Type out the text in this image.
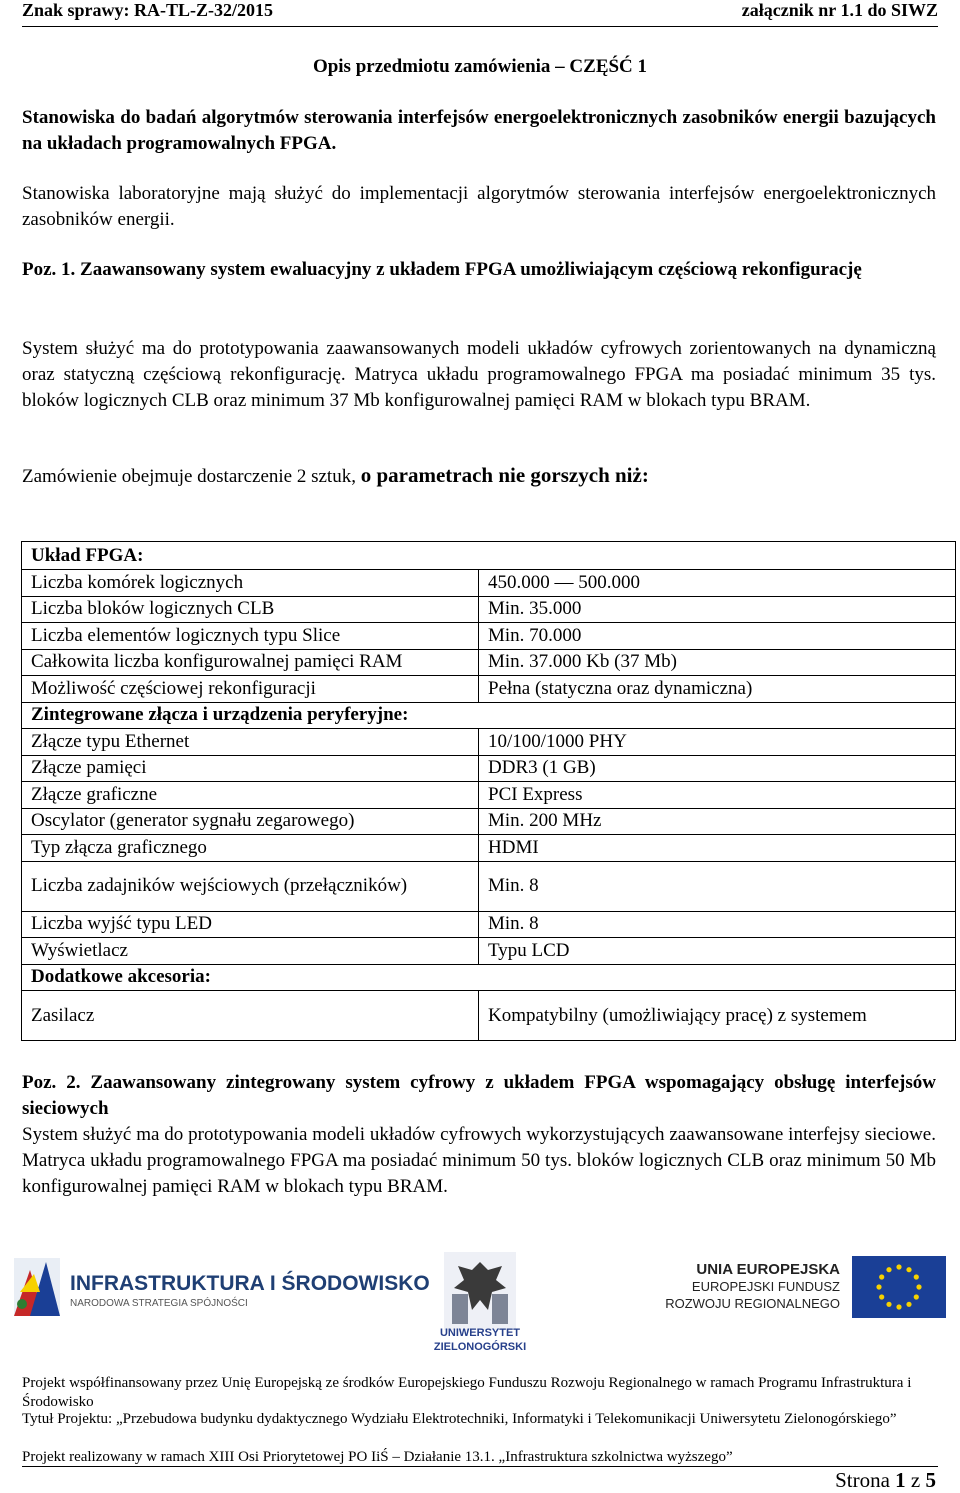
Znak sprawy: RA-TL-Z-32/2015	załącznik nr 1.1 do SIWZ
Opis przedmiotu zamówienia – CZĘŚĆ 1
Stanowiska do badań algorytmów sterowania interfejsów energoelektronicznych zasobników energii bazujących na układach programowalnych FPGA.
Stanowiska laboratoryjne mają służyć do implementacji algorytmów sterowania interfejsów energoelektronicznych zasobników energii.
Poz. 1. Zaawansowany system ewaluacyjny z układem FPGA umożliwiającym częściową rekonfigurację
System służyć ma do prototypowania zaawansowanych modeli układów cyfrowych zorientowanych na dynamiczną oraz statyczną częściową rekonfigurację. Matryca układu programowalnego FPGA ma posiadać minimum 35 tys. bloków logicznych CLB oraz minimum 37 Mb konfigurowalnej pamięci RAM w blokach typu BRAM.
Zamówienie obejmuje dostarczenie 2 sztuk, o parametrach nie gorszych niż:
Układ FPGA:	
Liczba komórek logicznych	450.000 — 500.000
Liczba bloków logicznych CLB	Min. 35.000
Liczba elementów logicznych typu Slice	Min. 70.000
Całkowita liczba konfigurowalnej pamięci RAM	Min. 37.000 Kb (37 Mb)
Możliwość częściowej rekonfiguracji	Pełna (statyczna oraz dynamiczna)
Zintegrowane złącza i urządzenia peryferyjne:	
Złącze typu Ethernet	10/100/1000 PHY
Złącze pamięci	DDR3 (1 GB)
Złącze graficzne	PCI Express
Oscylator (generator sygnału zegarowego)	Min. 200 MHz
Typ złącza graficznego	HDMI
Liczba zadajników wejściowych (przełączników)	Min. 8
Liczba wyjść typu LED	Min. 8
Wyświetlacz	Typu LCD
Dodatkowe akcesoria:	
Zasilacz	Kompatybilny (umożliwiający pracę) z systemem
Poz. 2. Zaawansowany zintegrowany system cyfrowy z układem FPGA wspomagający obsługę interfejsów sieciowych
System służyć ma do prototypowania modeli układów cyfrowych wykorzystujących zaawansowane interfejsy sieciowe. Matryca układu programowalnego FPGA ma posiadać minimum 50 tys. bloków logicznych CLB oraz minimum 50 Mb konfigurowalnej pamięci RAM w blokach typu BRAM.
INFRASTRUKTURA I ŚRODOWISKO
NARODOWA STRATEGIA SPÓJNOŚCI
UNIWERSYTET
ZIELONOGÓRSKI
UNIA EUROPEJSKA
EUROPEJSKI FUNDUSZ
ROZWOJU REGIONALNEGO
Projekt współfinansowany przez Unię Europejską ze środków Europejskiego Funduszu Rozwoju Regionalnego w ramach Programu Infrastruktura i Środowisko
Tytuł Projektu: „Przebudowa budynku dydaktycznego Wydziału Elektrotechniki, Informatyki i Telekomunikacji Uniwersytetu Zielonogórskiego”
Projekt realizowany w ramach XIII Osi Priorytetowej PO IiŚ – Działanie 13.1. „Infrastruktura szkolnictwa wyższego”
Strona 1 z 5
